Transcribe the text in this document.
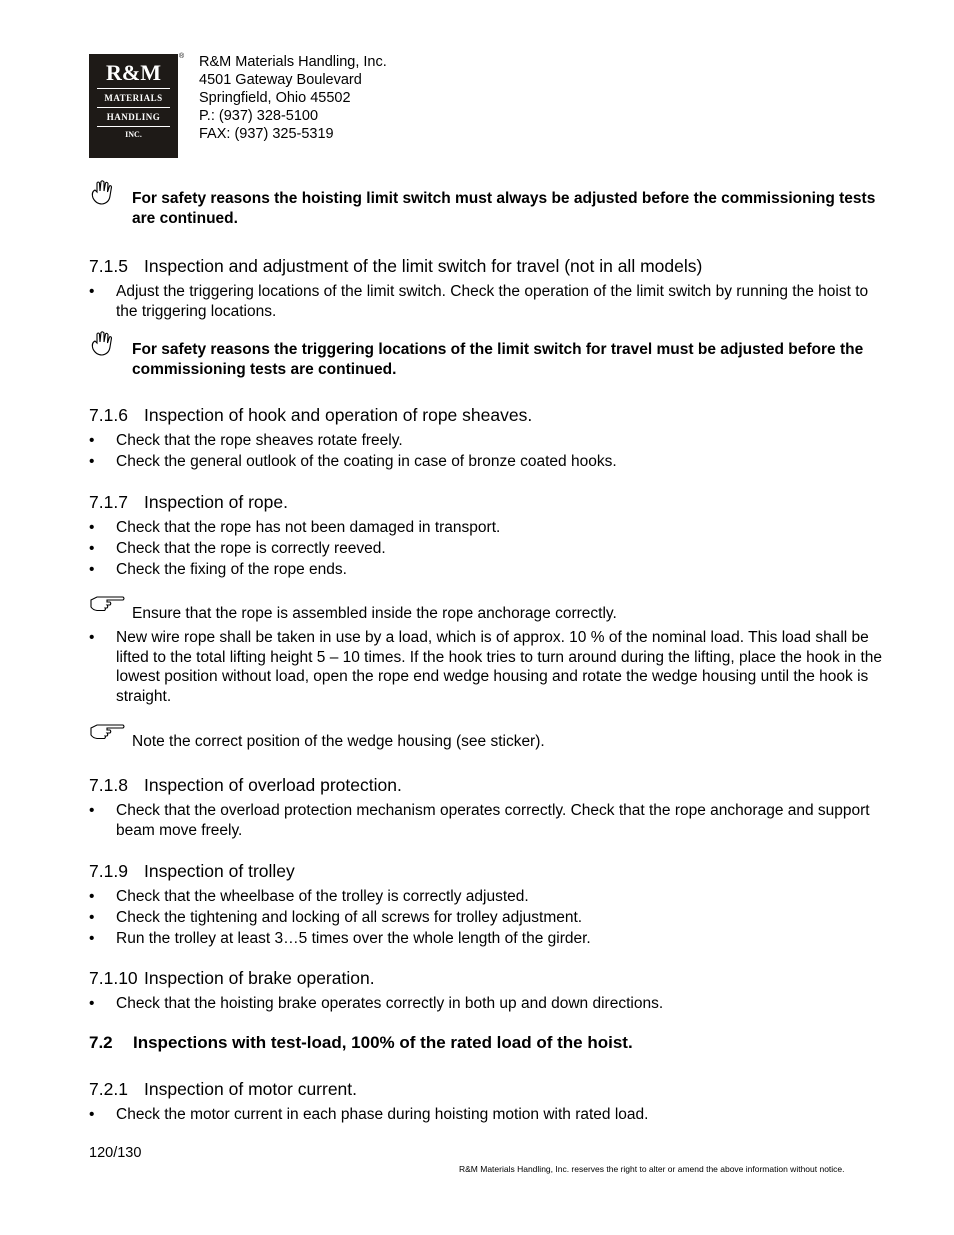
R&M
MATERIALS
HANDLING
INC.
® R&M Materials Handling, Inc.
4501 Gateway Boulevard
Springfield, Ohio 45502
P.: (937) 328-5100
FAX: (937) 325-5319
For safety reasons the hoisting limit switch must always be adjusted before the commissioning tests are continued.
7.1.5 Inspection and adjustment of the limit switch for travel (not in all models)
• Adjust the triggering locations of the limit switch. Check the operation of the limit switch by running the hoist to the triggering locations.
For safety reasons the triggering locations of the limit switch for travel must be adjusted before the commissioning tests are continued.
7.1.6 Inspection of hook and operation of rope sheaves.
• Check that the rope sheaves rotate freely.
• Check the general outlook of the coating in case of bronze coated hooks.
7.1.7 Inspection of rope.
• Check that the rope has not been damaged in transport.
• Check that the rope is correctly reeved.
• Check the fixing of the rope ends.
Ensure that the rope is assembled inside the rope anchorage correctly.
• New wire rope shall be taken in use by a load, which is of approx. 10 % of the nominal load. This load shall be lifted to the total lifting height 5 – 10 times. If the hook tries to turn around during the lifting, place the hook in the lowest position without load, open the rope end wedge housing and rotate the wedge housing until the hook is straight.
Note the correct position of the wedge housing (see sticker).
7.1.8 Inspection of overload protection.
• Check that the overload protection mechanism operates correctly. Check that the rope anchorage and support beam move freely.
7.1.9 Inspection of trolley
• Check that the wheelbase of the trolley is correctly adjusted.
• Check the tightening and locking of all screws for trolley adjustment.
• Run the trolley at least 3…5 times over the whole length of the girder.
7.1.10 Inspection of brake operation.
• Check that the hoisting brake operates correctly in both up and down directions.
7.2 Inspections with test-load, 100% of the rated load of the hoist.
7.2.1 Inspection of motor current.
• Check the motor current in each phase during hoisting motion with rated load.
120/130
R&M Materials Handling, Inc. reserves the right to alter or amend the above information without notice.
